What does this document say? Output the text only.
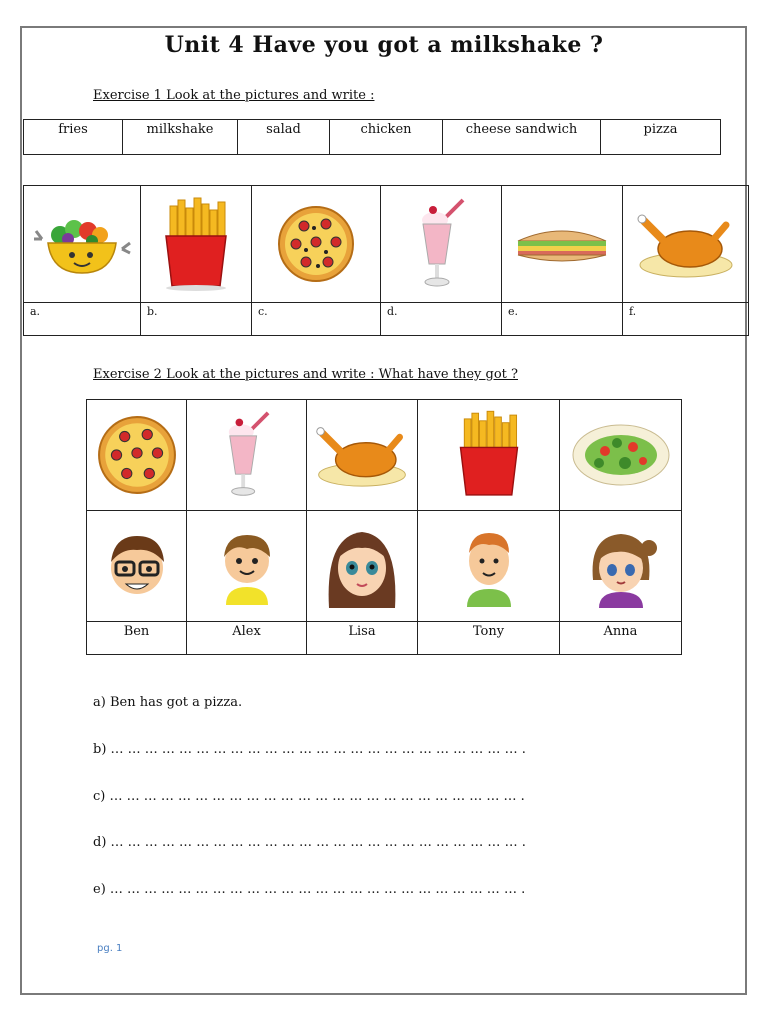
Unit 4 Have you got a milkshake ?
Exercise 1 Look at the pictures and write :
fries	milkshake	salad	chicken	cheese sandwich	pizza

a.	b.	c.	d.	e.	f.
Exercise 2 Look at the pictures and write : What have they got ?

Ben	Alex	Lisa	Tony	Anna
a) Ben has got a pizza.
b) … … … … … … … … … … … … … … … … … … … … … … … … .
c) … … … … … … … … … … … … … … … … … … … … … … … … .
d) … … … … … … … … … … … … … … … … … … … … … … … … .
e) … … … … … … … … … … … … … … … … … … … … … … … … .
pg. 1
